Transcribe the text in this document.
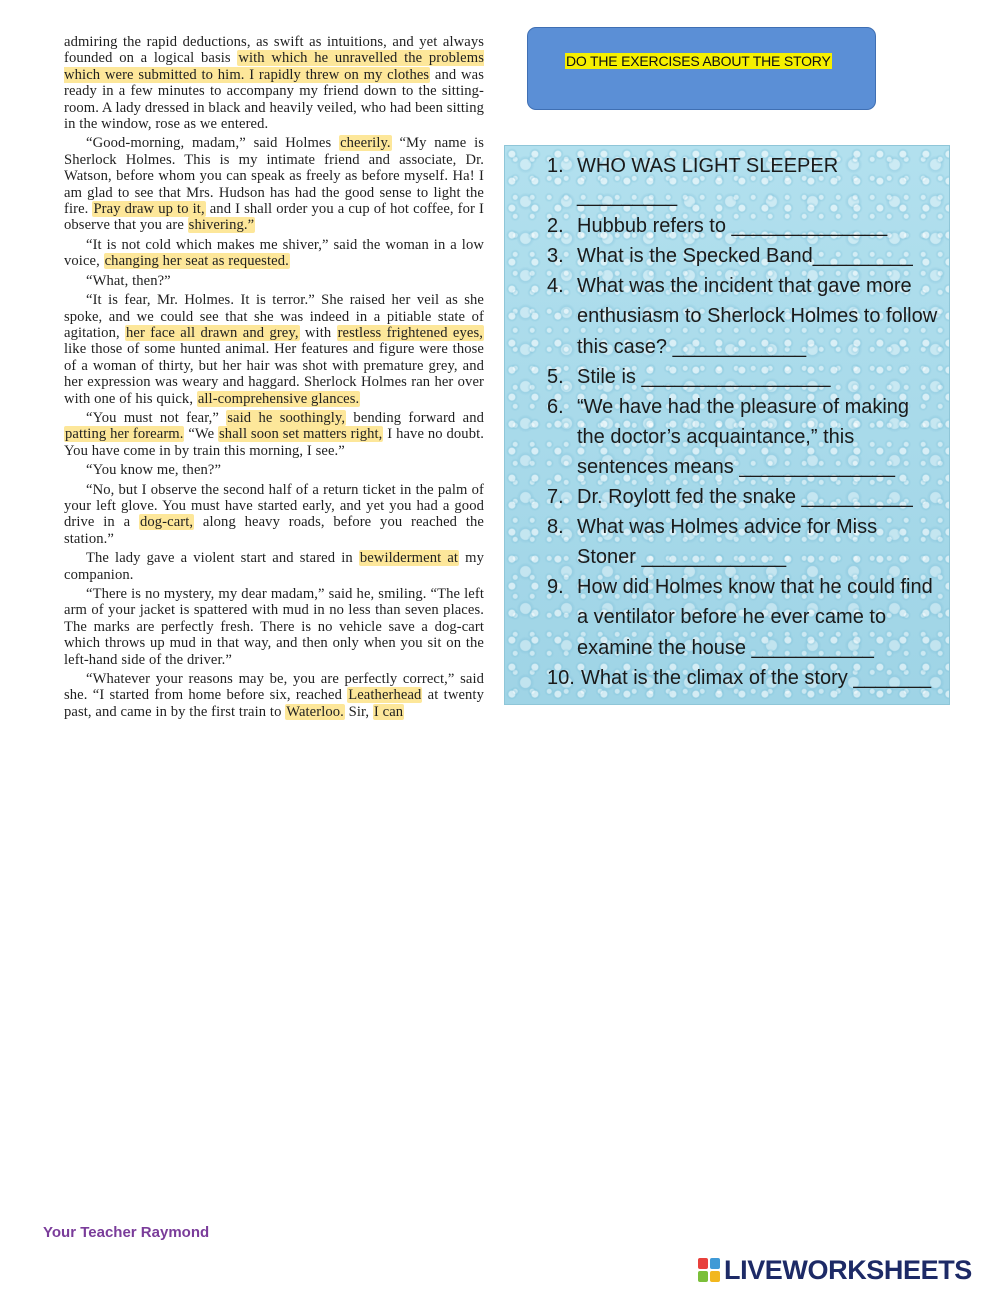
admiring the rapid deductions, as swift as intuitions, and yet always founded on a logical basis with which he unravelled the problems which were submitted to him. I rapidly threw on my clothes and was ready in a few minutes to accompany my friend down to the sitting-room. A lady dressed in black and heavily veiled, who had been sitting in the window, rose as we entered.

“Good-morning, madam,” said Holmes cheerily. “My name is Sherlock Holmes. This is my intimate friend and associate, Dr. Watson, before whom you can speak as freely as before myself. Ha! I am glad to see that Mrs. Hudson has had the good sense to light the fire. Pray draw up to it, and I shall order you a cup of hot coffee, for I observe that you are shivering.”

“It is not cold which makes me shiver,” said the woman in a low voice, changing her seat as requested.

“What, then?”

“It is fear, Mr. Holmes. It is terror.” She raised her veil as she spoke, and we could see that she was indeed in a pitiable state of agitation, her face all drawn and grey, with restless frightened eyes, like those of some hunted animal. Her features and figure were those of a woman of thirty, but her hair was shot with premature grey, and her expression was weary and haggard. Sherlock Holmes ran her over with one of his quick, all-comprehensive glances.

“You must not fear,” said he soothingly, bending forward and patting her forearm. “We shall soon set matters right, I have no doubt. You have come in by train this morning, I see.”

“You know me, then?”

“No, but I observe the second half of a return ticket in the palm of your left glove. You must have started early, and yet you had a good drive in a dog-cart, along heavy roads, before you reached the station.”

The lady gave a violent start and stared in bewilderment at my companion.

“There is no mystery, my dear madam,” said he, smiling. “The left arm of your jacket is spattered with mud in no less than seven places. The marks are perfectly fresh. There is no vehicle save a dog-cart which throws up mud in that way, and then only when you sit on the left-hand side of the driver.”

“Whatever your reasons may be, you are perfectly correct,” said she. “I started from home before six, reached Leatherhead at twenty past, and came in by the first train to Waterloo. Sir, I can

DO THE EXERCISES ABOUT THE STORY
1. WHO WAS LIGHT SLEEPER _________
2. Hubbub refers to ______________
3. What is the Specked Band_________
4. What was the incident that gave more enthusiasm to Sherlock Holmes to follow this case? ____________
5. Stile is _________________
6. “We have had the pleasure of making the doctor’s acquaintance,” this sentences means ______________
7. Dr. Roylott fed the snake __________
8. What was Holmes advice for Miss Stoner _____________
9. How did Holmes know that he could find a ventilator before he ever came to examine the house ___________
10. What is the climax of the story _______
Your Teacher Raymond
LIVEWORKSHEETS
